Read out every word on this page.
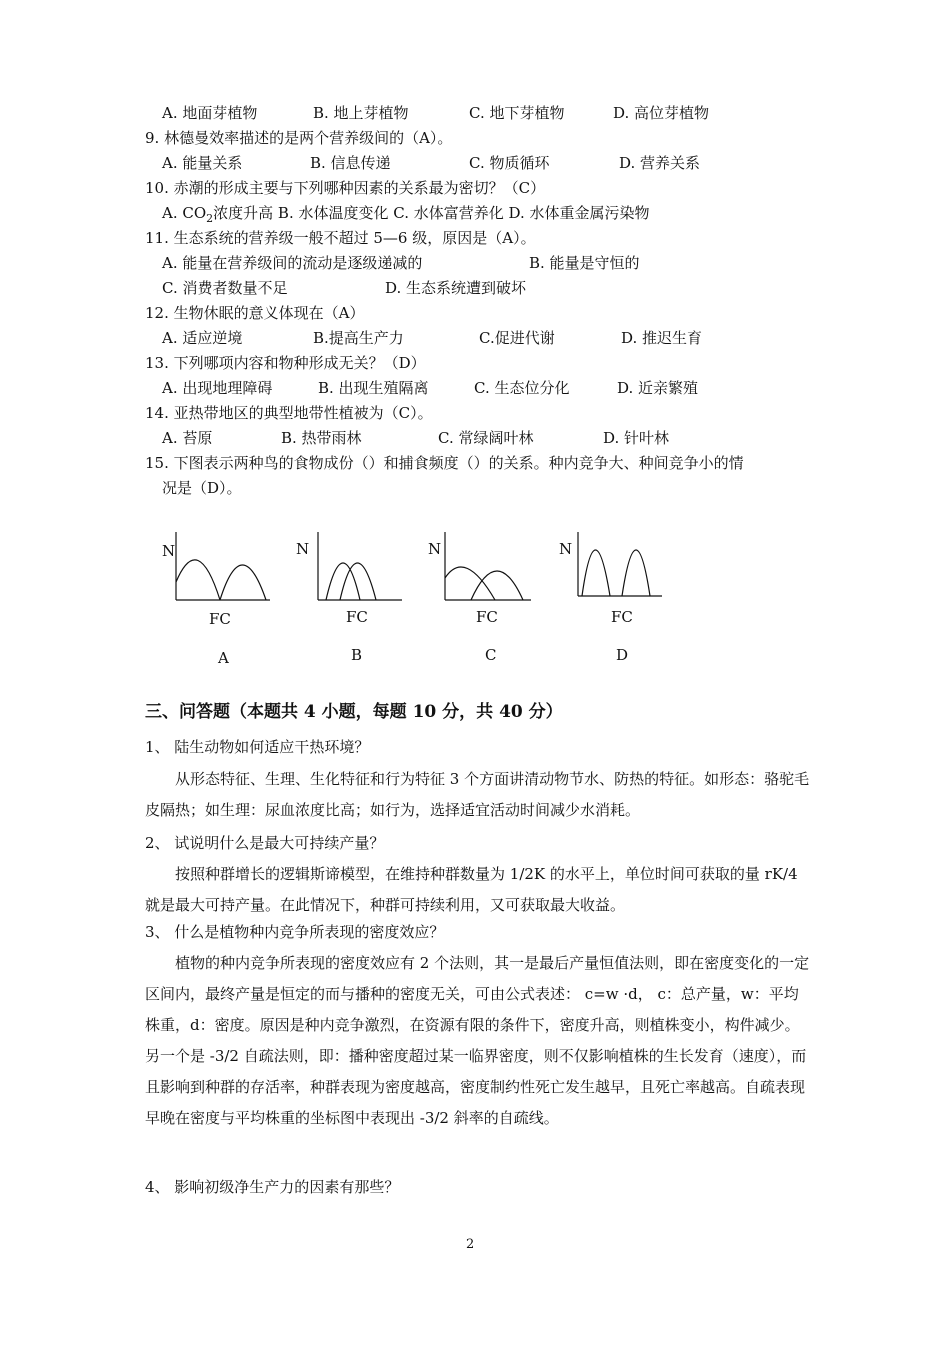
A. 地面芽植物	B. 地上芽植物	C. 地下芽植物	D. 高位芽植物
9. 林德曼效率描述的是两个营养级间的（A）。
A. 能量关系	B. 信息传递	C. 物质循环	D. 营养关系
10. 赤潮的形成主要与下列哪种因素的关系最为密切？（C）
A. $CO_2$浓度升高 B. 水体温度变化 C. 水体富营养化 D. 水体重金属污染物
11. 生态系统的营养级一般不超过 5—6 级，原因是（A）。
A. 能量在营养级间的流动是逐级递减的	B. 能量是守恒的
C. 消费者数量不足	D. 生态系统遭到破坏
12. 生物休眠的意义体现在（A）
A. 适应逆境	B.提高生产力	C.促进代谢	D. 推迟生育
13. 下列哪项内容和物种形成无关？（D）
A. 出现地理障碍	B. 出现生殖隔离	C. 生态位分化	D. 近亲繁殖
14. 亚热带地区的典型地带性植被为（C）。
A. 苔原	B. 热带雨林	C. 常绿阔叶林	D. 针叶林
15. 下图表示两种鸟的食物成份（）和捕食频度（）的关系。种内竞争大、种间竞争小的情
况是（D）。
N
FC
A
N
FC
B
N
FC
C
N
FC
D
三、问答题（本题共 4 小题，每题 10 分，共 40 分）
1、 陆生动物如何适应干热环境？
从形态特征、生理、生化特征和行为特征 3 个方面讲清动物节水、防热的特征。如形态：骆驼毛皮隔热；如生理：尿血浓度比高；如行为，选择适宜活动时间减少水消耗。
2、 试说明什么是最大可持续产量？
按照种群增长的逻辑斯谛模型，在维持种群数量为 1/2K 的水平上，单位时间可获取的量 rK/4 就是最大可持产量。在此情况下，种群可持续利用，又可获取最大收益。
3、 什么是植物种内竞争所表现的密度效应？
植物的种内竞争所表现的密度效应有 2 个法则，其一是最后产量恒值法则，即在密度变化的一定区间内，最终产量是恒定的而与播种的密度无关，可由公式表述： c=w ·d， c：总产量，w：平均株重，d：密度。原因是种内竞争激烈，在资源有限的条件下，密度升高，则植株变小，构件减少。另一个是 -3/2 自疏法则，即：播种密度超过某一临界密度，则不仅影响植株的生长发育（速度），而且影响到种群的存活率，种群表现为密度越高，密度制约性死亡发生越早，且死亡率越高。自疏表现早晚在密度与平均株重的坐标图中表现出 -3/2 斜率的自疏线。
4、 影响初级净生产力的因素有那些？
2
